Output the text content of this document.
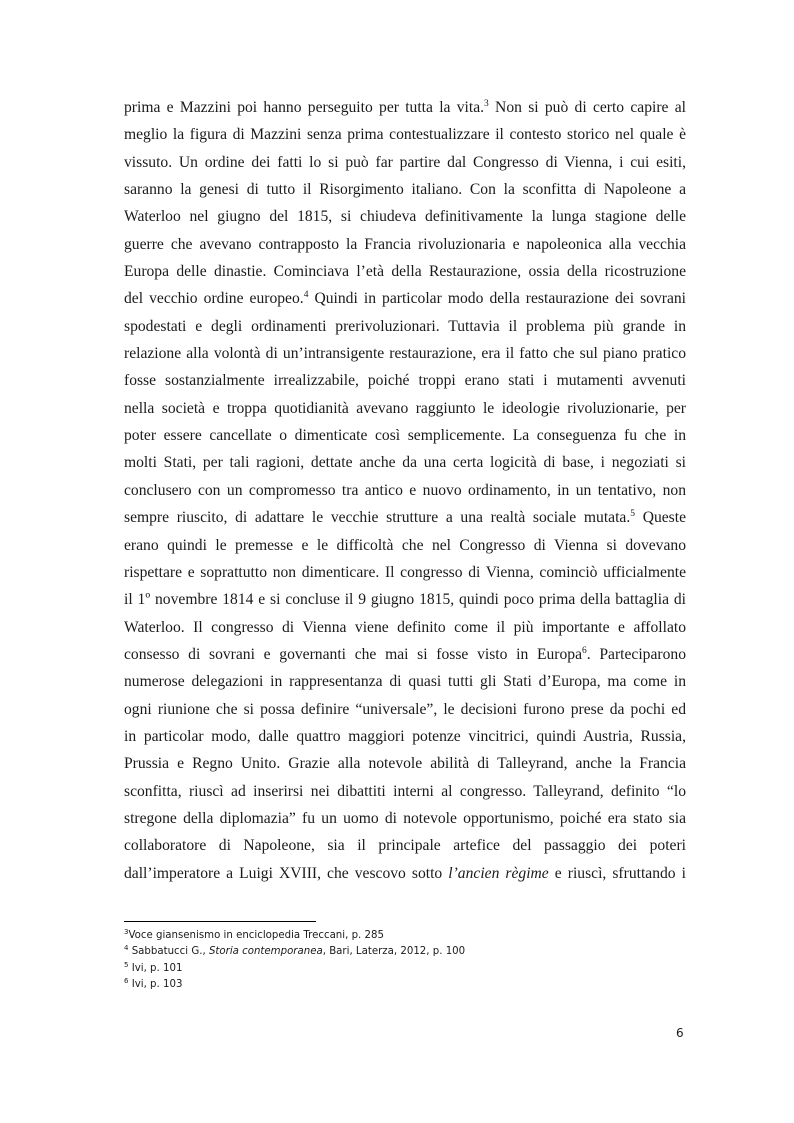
prima e Mazzini poi hanno perseguito per tutta la vita.$^3$ Non si può di certo capire al
meglio la figura di Mazzini senza prima contestualizzare il contesto storico nel quale è
vissuto. Un ordine dei fatti lo si può far partire dal Congresso di Vienna, i cui esiti,
saranno la genesi di tutto il Risorgimento italiano. Con la sconfitta di Napoleone a
Waterloo nel giugno del 1815, si chiudeva definitivamente la lunga stagione delle
guerre che avevano contrapposto la Francia rivoluzionaria e napoleonica alla vecchia
Europa delle dinastie. Cominciava l’età della Restaurazione, ossia della ricostruzione
del vecchio ordine europeo.$^4$ Quindi in particolar modo della restaurazione dei sovrani
spodestati e degli ordinamenti prerivoluzionari. Tuttavia il problema più grande in
relazione alla volontà di un’intransigente restaurazione, era il fatto che sul piano pratico
fosse sostanzialmente irrealizzabile, poiché troppi erano stati i mutamenti avvenuti
nella società e troppa quotidianità avevano raggiunto le ideologie rivoluzionarie, per
poter essere cancellate o dimenticate così semplicemente. La conseguenza fu che in
molti Stati, per tali ragioni, dettate anche da una certa logicità di base, i negoziati si
conclusero con un compromesso tra antico e nuovo ordinamento, in un tentativo, non
sempre riuscito, di adattare le vecchie strutture a una realtà sociale mutata.$^5$ Queste
erano quindi le premesse e le difficoltà che nel Congresso di Vienna si dovevano
rispettare e soprattutto non dimenticare. Il congresso di Vienna, cominciò ufficialmente
il 1º novembre 1814 e si concluse il 9 giugno 1815, quindi poco prima della battaglia di
Waterloo. Il congresso di Vienna viene definito come il più importante e affollato
consesso di sovrani e governanti che mai si fosse visto in Europa$^6$. Parteciparono
numerose delegazioni in rappresentanza di quasi tutti gli Stati d’Europa, ma come in
ogni riunione che si possa definire “universale”, le decisioni furono prese da pochi ed
in particolar modo, dalle quattro maggiori potenze vincitrici, quindi Austria, Russia,
Prussia e Regno Unito. Grazie alla notevole abilità di Talleyrand, anche la Francia
sconfitta, riuscì ad inserirsi nei dibattiti interni al congresso. Talleyrand, definito “lo
stregone della diplomazia” fu un uomo di notevole opportunismo, poiché era stato sia
collaboratore di Napoleone, sia il principale artefice del passaggio dei poteri
dall’imperatore a Luigi XVIII, che vescovo sotto l’ancien règime e riuscì, sfruttando i
$^3$Voce giansenismo in enciclopedia Treccani, p. 285
$^4$ Sabbatucci G., Storia contemporanea, Bari, Laterza, 2012, p. 100
$^5$ Ivi, p. 101
$^6$ Ivi, p. 103
6
